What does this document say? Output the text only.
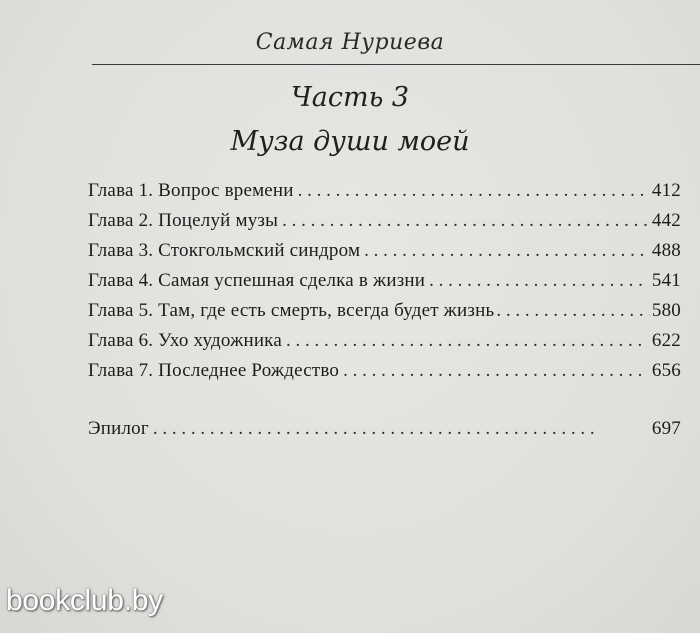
Самая Нуриева
Часть 3
Муза души моей
Глава 1. Вопрос времени . . .	412
Глава 2. Поцелуй музы . . .	442
Глава 3. Стокгольмский синдром . . .	488
Глава 4. Самая успешная сделка в жизни . . .	541
Глава 5. Там, где есть смерть, всегда будет жизнь . . .	580
Глава 6. Ухо художника . . .	622
Глава 7. Последнее Рождество . . .	656
Эпилог . . .	697
bookclub.by
